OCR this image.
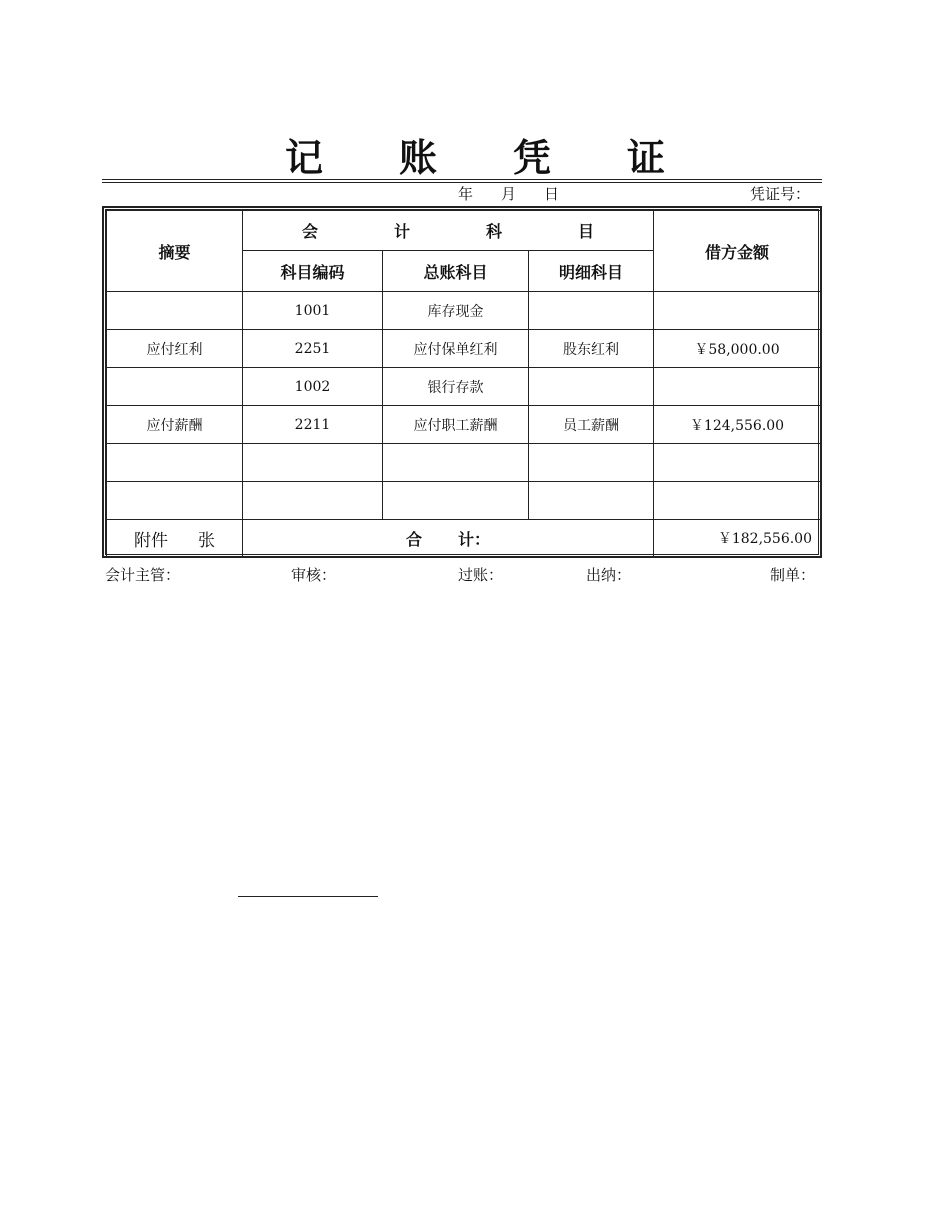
记 账 凭 证
年 月 日	凭证号：
摘要	会 计 科 目			借方金额
	科目编码	总账科目	明细科目	
	1001	库存现金		
应付红利	2251	应付保单红利	股东红利	￥58,000.00
	1002	银行存款		
应付薪酬	2211	应付职工薪酬	员工薪酬	￥124,556.00

附件 张	合 计：			￥182,556.00
会计主管：	审核：	过账：	出纳：	制单：
